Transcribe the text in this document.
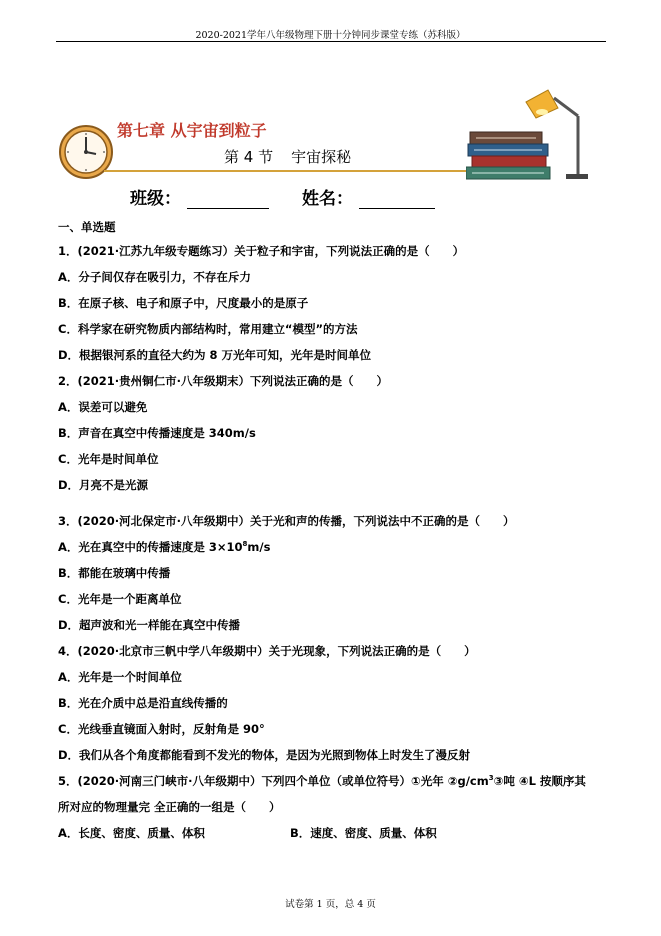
2020-2021学年八年级物理下册十分钟同步课堂专练（苏科版）
第七章 从宇宙到粒子
第 4 节 宇宙探秘
班级：	姓名：
一、单选题
1．(2021·江苏九年级专题练习）关于粒子和宇宙，下列说法正确的是（　　）
A．分子间仅存在吸引力，不存在斥力
B．在原子核、电子和原子中，尺度最小的是原子
C．科学家在研究物质内部结构时，常用建立“模型”的方法
D．根据银河系的直径大约为 8 万光年可知，光年是时间单位
2．(2021·贵州铜仁市·八年级期末）下列说法正确的是（　　）
A．误差可以避免
B．声音在真空中传播速度是 340m/s
C．光年是时间单位
D．月亮不是光源
3．(2020·河北保定市·八年级期中）关于光和声的传播，下列说法中不正确的是（　　）
A．光在真空中的传播速度是 $3\times 10^8m/s$
B．都能在玻璃中传播
C．光年是一个距离单位
D．超声波和光一样能在真空中传播
4．(2020·北京市三帆中学八年级期中）关于光现象，下列说法正确的是（　　）
A．光年是一个时间单位
B．光在介质中总是沿直线传播的
C．光线垂直镜面入射时，反射角是 90°
D．我们从各个角度都能看到不发光的物体，是因为光照到物体上时发生了漫反射
5．(2020·河南三门峡市·八年级期中）下列四个单位（或单位符号）①光年 $②g/cm^3③$吨 ④L 按顺序其
所对应的物理量完 全正确的一组是（　　）
A．长度、密度、质量、体积	B．速度、密度、质量、体积
试卷第 1 页，总 4 页
